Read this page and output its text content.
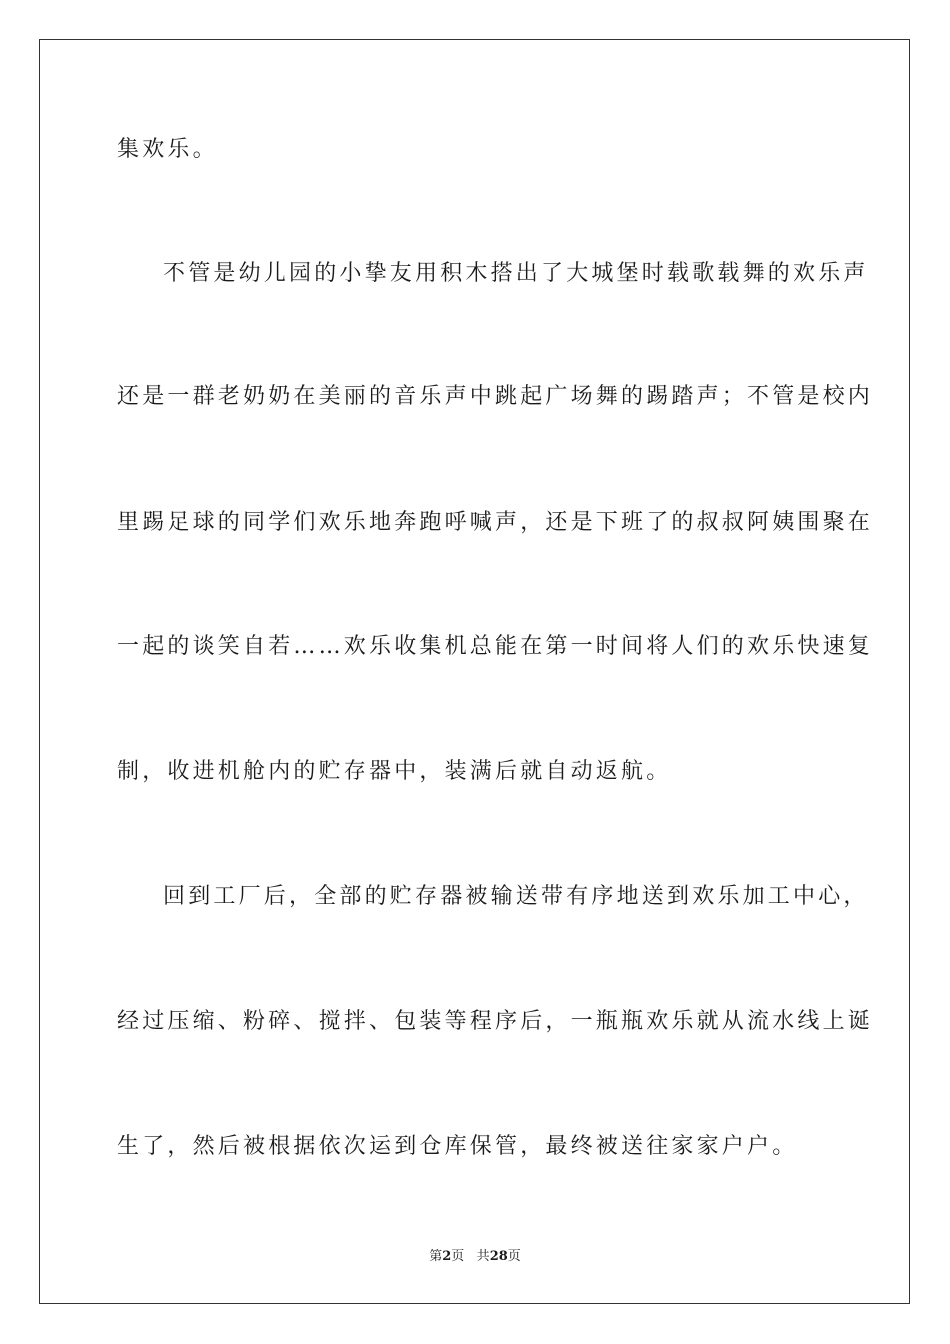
集欢乐。
不管是幼儿园的小挚友用积木搭出了大城堡时载歌载舞的欢乐声
还是一群老奶奶在美丽的音乐声中跳起广场舞的踢踏声；不管是校内
里踢足球的同学们欢乐地奔跑呼喊声，还是下班了的叔叔阿姨围聚在
一起的谈笑自若……欢乐收集机总能在第一时间将人们的欢乐快速复
制，收进机舱内的贮存器中，装满后就自动返航。
回到工厂后，全部的贮存器被输送带有序地送到欢乐加工中心，
经过压缩、粉碎、搅拌、包装等程序后，一瓶瓶欢乐就从流水线上诞
生了，然后被根据依次运到仓库保管，最终被送往家家户户。
第2页 共28页
